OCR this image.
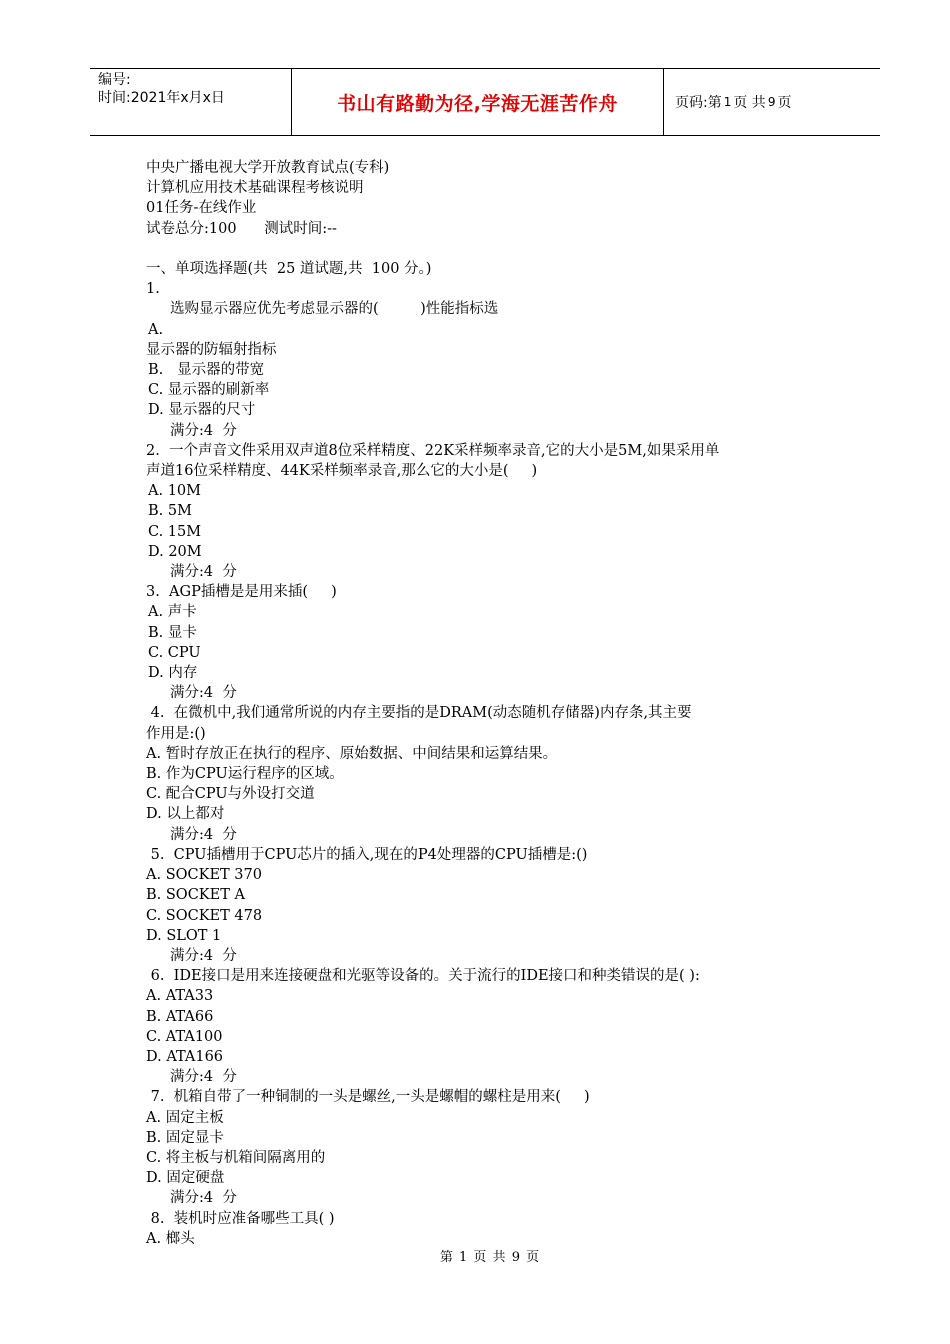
编号:
时间:2021年x月x日	书山有路勤为径,学海无涯苦作舟	页码:第 1 页 共 9 页
中央广播电视大学开放教育试点(专科)
计算机应用技术基础课程考核说明
01任务-在线作业
试卷总分:100      测试时间:--
一、单项选择题(共  25 道试题,共  100 分。)
1.
选购显示器应优先考虑显示器的(         )性能指标选
A.
显示器的防辐射指标
B.   显示器的带宽
C. 显示器的刷新率
D. 显示器的尺寸
满分:4  分
2.  一个声音文件采用双声道8位采样精度、22K采样频率录音,它的大小是5M,如果采用单
声道16位采样精度、44K采样频率录音,那么它的大小是(     )
A. 10M
B. 5M
C. 15M
D. 20M
满分:4  分
3.  AGP插槽是是用来插(     )
A. 声卡
B. 显卡
C. CPU
D. 内存
满分:4  分
4.  在微机中,我们通常所说的内存主要指的是DRAM(动态随机存储器)内存条,其主要
作用是:()
A. 暂时存放正在执行的程序、原始数据、中间结果和运算结果。
B. 作为CPU运行程序的区域。
C. 配合CPU与外设打交道
D. 以上都对
满分:4  分
5.  CPU插槽用于CPU芯片的插入,现在的P4处理器的CPU插槽是:()
A. SOCKET 370
B. SOCKET A
C. SOCKET 478
D. SLOT 1
满分:4  分
6.  IDE接口是用来连接硬盘和光驱等设备的。关于流行的IDE接口和种类错误的是( ):
A. ATA33
B. ATA66
C. ATA100
D. ATA166
满分:4  分
7.  机箱自带了一种铜制的一头是螺丝,一头是螺帽的螺柱是用来(     )
A. 固定主板
B. 固定显卡
C. 将主板与机箱间隔离用的
D. 固定硬盘
满分:4  分
8.  装机时应准备哪些工具( )
A. 榔头
第 1 页 共 9 页
